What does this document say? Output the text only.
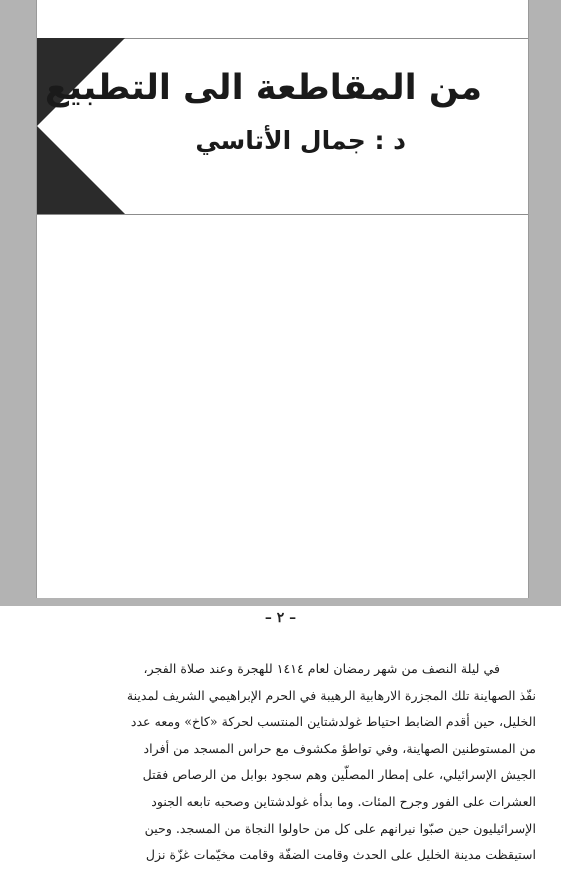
من المقاطعة الى التطبيع
د : جمال الأتاسي
– ٢ –
في ليلة النصف من شهر رمضان لعام ١٤١٤ للهجرة وعند صلاة الفجر،
نفّذ الصهاينة تلك المجزرة الارهابية الرهيبة في الحرم الإبراهيمي الشريف لمدينة
الخليل، حين أقدم الضابط احتياط غولدشتاين المنتسب لحركة «كاخ» ومعه عدد
من المستوطنين الصهاينة، وفي تواطؤ مكشوف مع حراس المسجد من أفراد
الجيش الإسرائيلي، على إمطار المصلّين وهم سجود بوابل من الرصاص فقتل
العشرات على الفور وجرح المئات. وما بدأه غولدشتاين وصحبه تابعه الجنود
الإسرائيليون حين صبّوا نيرانهم على كل من حاولوا النجاة من المسجد. وحين
استيقظت مدينة الخليل على الحدث وقامت الضفّة وقامت مخيّمات غزّة نزل
